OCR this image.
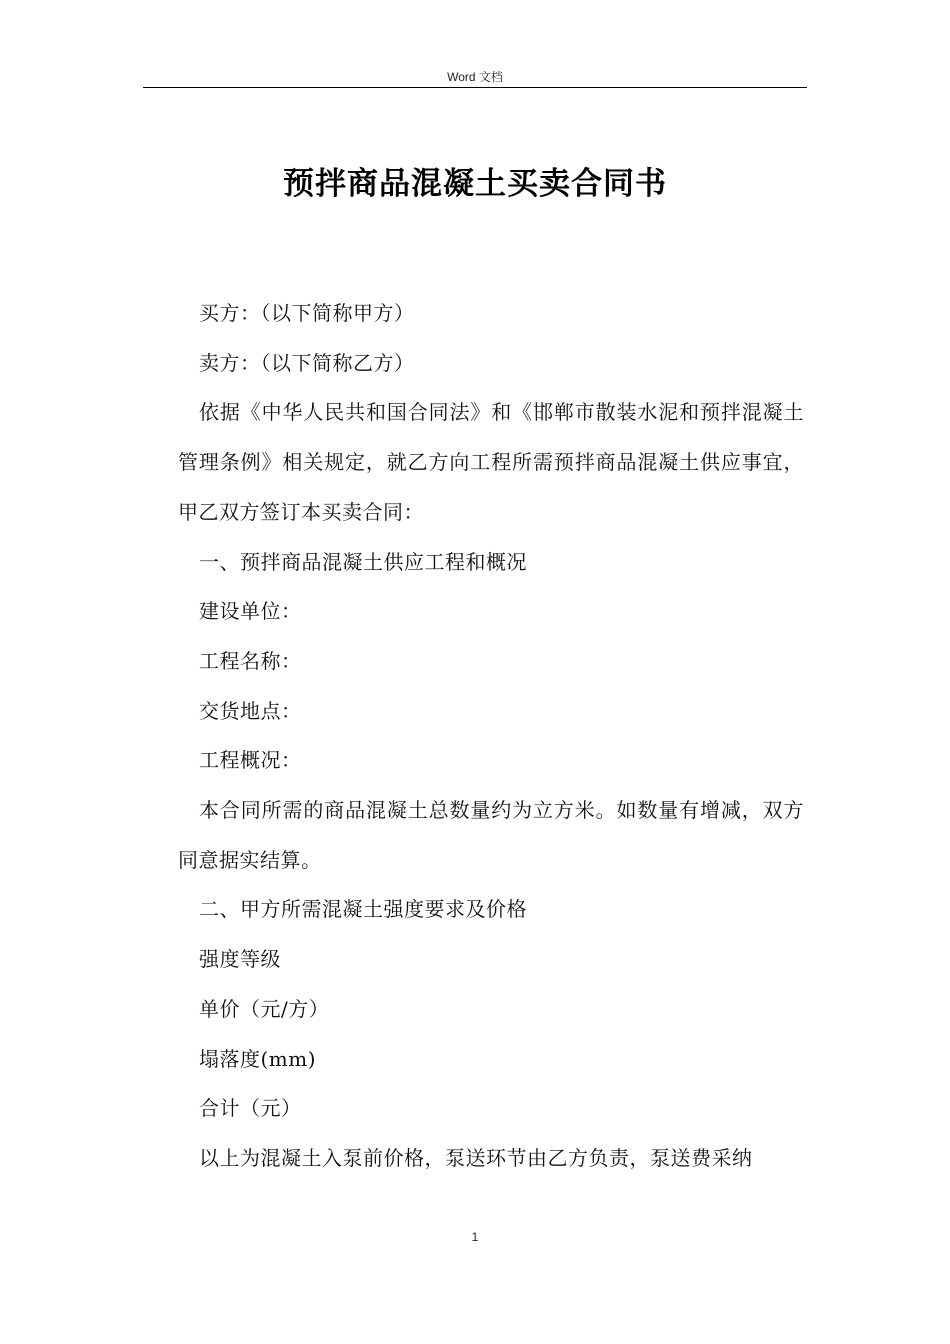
Word 文档
预拌商品混凝土买卖合同书

买方：（以下简称甲方）

卖方：（以下简称乙方）

依据《中华人民共和国合同法》和《邯郸市散装水泥和预拌混凝土管理条例》相关规定，就乙方向工程所需预拌商品混凝土供应事宜，甲乙双方签订本买卖合同：

一、预拌商品混凝土供应工程和概况

建设单位：

工程名称：

交货地点：

工程概况：

本合同所需的商品混凝土总数量约为立方米。如数量有增减，双方同意据实结算。

二、甲方所需混凝土强度要求及价格

强度等级

单价（元/方）

塌落度(mm)

合计（元）

以上为混凝土入泵前价格，泵送环节由乙方负责，泵送费采纳

1
